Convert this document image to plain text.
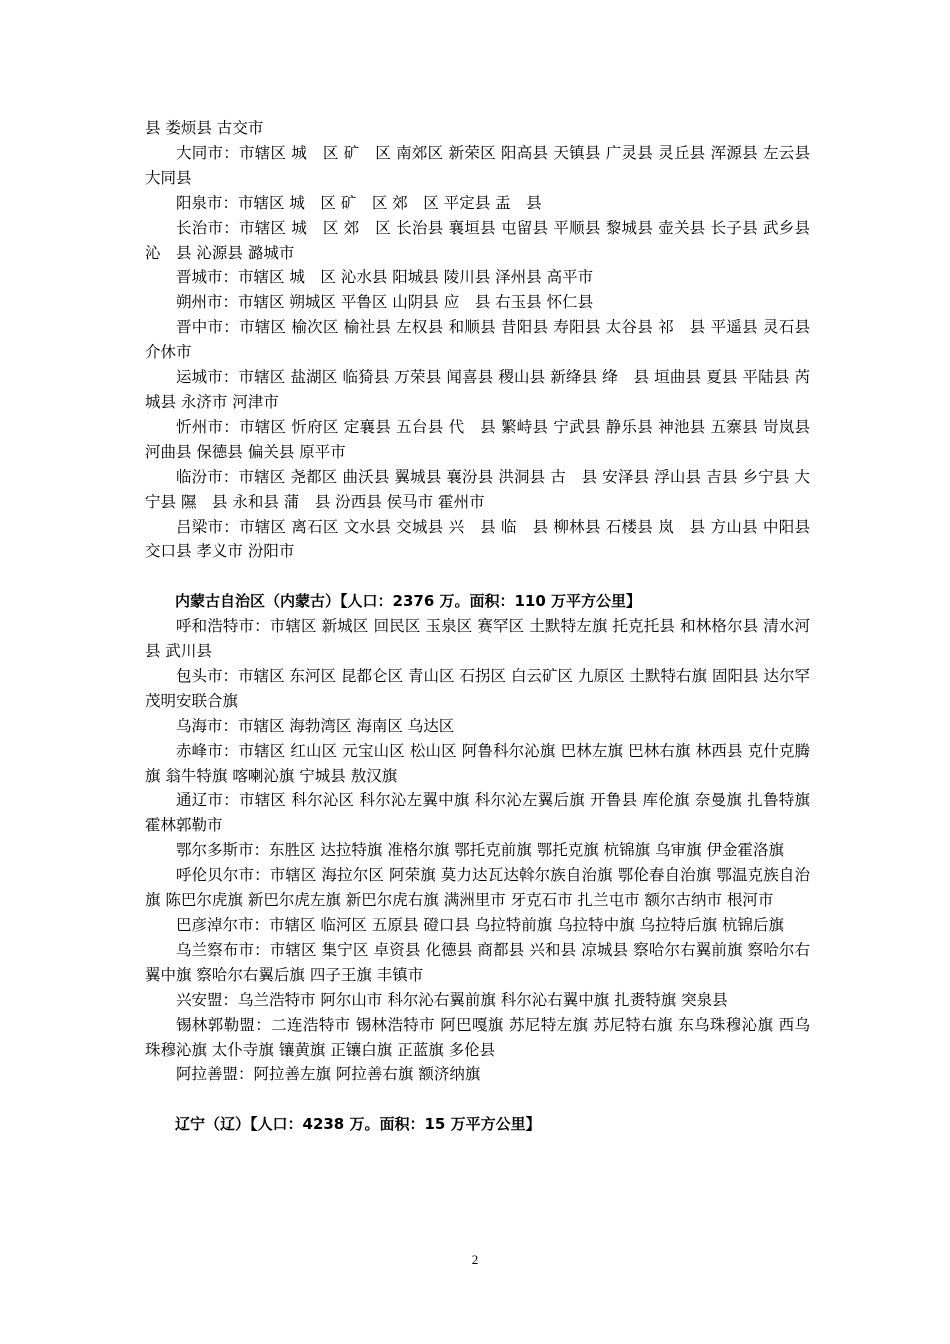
县 娄烦县 古交市

大同市：市辖区 城　区 矿　区 南郊区 新荣区 阳高县 天镇县 广灵县 灵丘县 浑源县 左云县 大同县

阳泉市：市辖区 城　区 矿　区 郊　区 平定县 盂　县

长治市：市辖区 城　区 郊　区 长治县 襄垣县 屯留县 平顺县 黎城县 壶关县 长子县 武乡县 沁　县 沁源县 潞城市

晋城市：市辖区 城　区 沁水县 阳城县 陵川县 泽州县 高平市

朔州市：市辖区 朔城区 平鲁区 山阴县 应　县 右玉县 怀仁县

晋中市：市辖区 榆次区 榆社县 左权县 和顺县 昔阳县 寿阳县 太谷县 祁　县 平遥县 灵石县 介休市

运城市：市辖区 盐湖区 临猗县 万荣县 闻喜县 稷山县 新绛县 绛　县 垣曲县 夏县 平陆县 芮城县 永济市 河津市

忻州市：市辖区 忻府区 定襄县 五台县 代　县 繁峙县 宁武县 静乐县 神池县 五寨县 岢岚县 河曲县 保德县 偏关县 原平市

临汾市：市辖区 尧都区 曲沃县 翼城县 襄汾县 洪洞县 古　县 安泽县 浮山县 吉县 乡宁县 大宁县 隰　县 永和县 蒲　县 汾西县 侯马市 霍州市

吕梁市：市辖区 离石区 文水县 交城县 兴　县 临　县 柳林县 石楼县 岚　县 方山县 中阳县 交口县 孝义市 汾阳市

内蒙古自治区（内蒙古）【人口：2376 万。面积：110 万平方公里】

呼和浩特市：市辖区 新城区 回民区 玉泉区 赛罕区 土默特左旗 托克托县 和林格尔县 清水河县 武川县

包头市：市辖区 东河区 昆都仑区 青山区 石拐区 白云矿区 九原区 土默特右旗 固阳县 达尔罕茂明安联合旗

乌海市：市辖区 海勃湾区 海南区 乌达区

赤峰市：市辖区 红山区 元宝山区 松山区 阿鲁科尔沁旗 巴林左旗 巴林右旗 林西县 克什克腾旗 翁牛特旗 喀喇沁旗 宁城县 敖汉旗

通辽市：市辖区 科尔沁区 科尔沁左翼中旗 科尔沁左翼后旗 开鲁县 库伦旗 奈曼旗 扎鲁特旗 霍林郭勒市

鄂尔多斯市：东胜区 达拉特旗 准格尔旗 鄂托克前旗 鄂托克旗 杭锦旗 乌审旗 伊金霍洛旗

呼伦贝尔市：市辖区 海拉尔区 阿荣旗 莫力达瓦达斡尔族自治旗 鄂伦春自治旗 鄂温克族自治旗 陈巴尔虎旗 新巴尔虎左旗 新巴尔虎右旗 满洲里市 牙克石市 扎兰屯市 额尔古纳市 根河市

巴彦淖尔市：市辖区 临河区 五原县 磴口县 乌拉特前旗 乌拉特中旗 乌拉特后旗 杭锦后旗

乌兰察布市：市辖区 集宁区 卓资县 化德县 商都县 兴和县 凉城县 察哈尔右翼前旗 察哈尔右翼中旗 察哈尔右翼后旗 四子王旗 丰镇市

兴安盟：乌兰浩特市 阿尔山市 科尔沁右翼前旗 科尔沁右翼中旗 扎赉特旗 突泉县

锡林郭勒盟：二连浩特市 锡林浩特市 阿巴嘎旗 苏尼特左旗 苏尼特右旗 东乌珠穆沁旗 西乌珠穆沁旗 太仆寺旗 镶黄旗 正镶白旗 正蓝旗 多伦县

阿拉善盟：阿拉善左旗 阿拉善右旗 额济纳旗

辽宁（辽）【人口：4238 万。面积：15 万平方公里】

2
